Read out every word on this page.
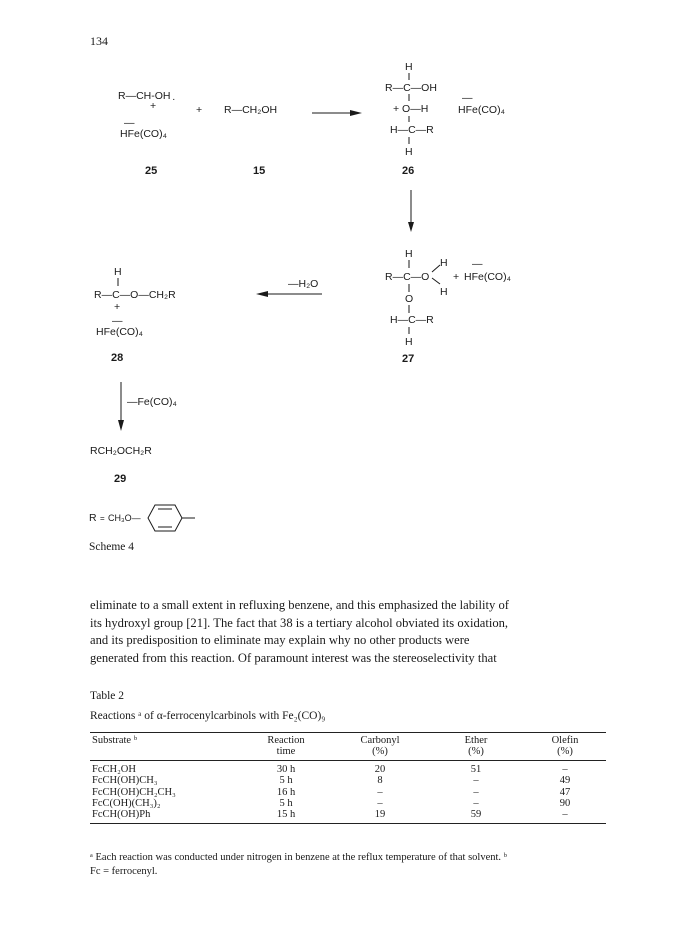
134
R—CH-OH
+
—
HFe(CO)₄
25
·
+ R—CH₂OH
15
H
R—C—OH
+ O—H
H—C—R
H
—
HFe(CO)₄
26
H
R—C—O
H
H
+
—
HFe(CO)₄
O
H—C—R
H
27
—H₂O
H
R—C—O—CH₂R
+
—
HFe(CO)₄
28
—Fe(CO)₄
RCH₂OCH₂R
29
R = CH₃O—
Scheme 4
eliminate to a small extent in refluxing benzene, and this emphasized the lability of
its hydroxyl group [21]. The fact that 38 is a tertiary alcohol obviated its oxidation,
and its predisposition to eliminate may explain why no other products were
generated from this reaction. Of paramount interest was the stereoselectivity that
Table 2
Reactions ᵃ of α-ferrocenylcarbinols with Fe₂(CO)₉
Substrate ᵇ	Reaction	Carbonyl	Ether	Olefin
	time	(%)	(%)	(%)
FcCH₂OH	30 h	20	51	–
FcCH(OH)CH₃	5 h	8	–	49
FcCH(OH)CH₂CH₃	16 h	–	–	47
FcC(OH)(CH₃)₂	5 h	–	–	90
FcCH(OH)Ph	15 h	19	59	–
ᵃ Each reaction was conducted under nitrogen in benzene at the reflux temperature of that solvent. ᵇ
Fc = ferrocenyl.
